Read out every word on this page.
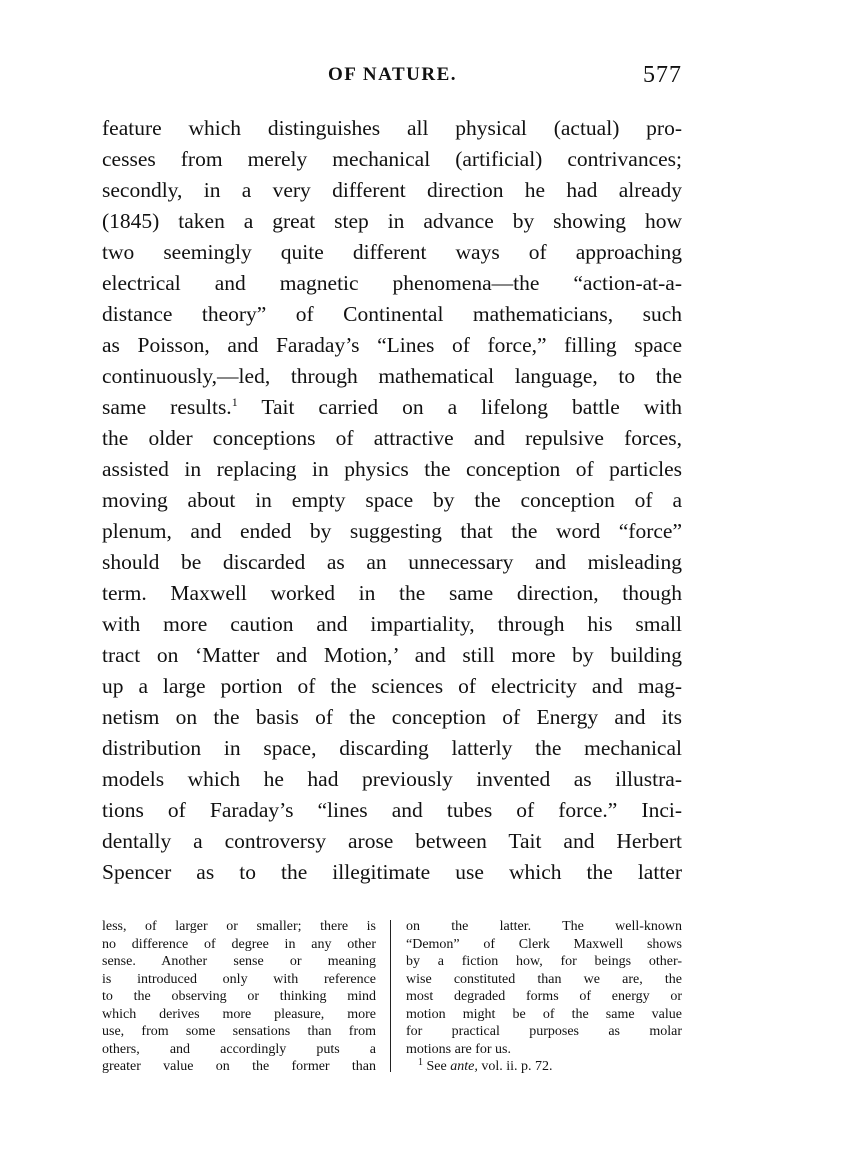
OF NATURE.	577
feature which distinguishes all physical (actual) pro-
cesses from merely mechanical (artificial) contrivances;
secondly, in a very different direction he had already
(1845) taken a great step in advance by showing how
two seemingly quite different ways of approaching
electrical and magnetic phenomena—the “action-at-a-
distance theory” of Continental mathematicians, such
as Poisson, and Faraday’s “Lines of force,” filling space
continuously,—led, through mathematical language, to the
same results.$^1$ Tait carried on a lifelong battle with
the older conceptions of attractive and repulsive forces,
assisted in replacing in physics the conception of particles
moving about in empty space by the conception of a
plenum, and ended by suggesting that the word “force”
should be discarded as an unnecessary and misleading
term. Maxwell worked in the same direction, though
with more caution and impartiality, through his small
tract on ‘Matter and Motion,’ and still more by building
up a large portion of the sciences of electricity and mag-
netism on the basis of the conception of Energy and its
distribution in space, discarding latterly the mechanical
models which he had previously invented as illustra-
tions of Faraday’s “lines and tubes of force.” Inci-
dentally a controversy arose between Tait and Herbert
Spencer as to the illegitimate use which the latter
less, of larger or smaller; there is
no difference of degree in any other
sense. Another sense or meaning
is introduced only with reference
to the observing or thinking mind
which derives more pleasure, more
use, from some sensations than from
others, and accordingly puts a
greater value on the former than
on the latter. The well-known
“Demon” of Clerk Maxwell shows
by a fiction how, for beings other-
wise constituted than we are, the
most degraded forms of energy or
motion might be of the same value
for practical purposes as molar
motions are for us.
$^1$ See ante, vol. ii. p. 72.
